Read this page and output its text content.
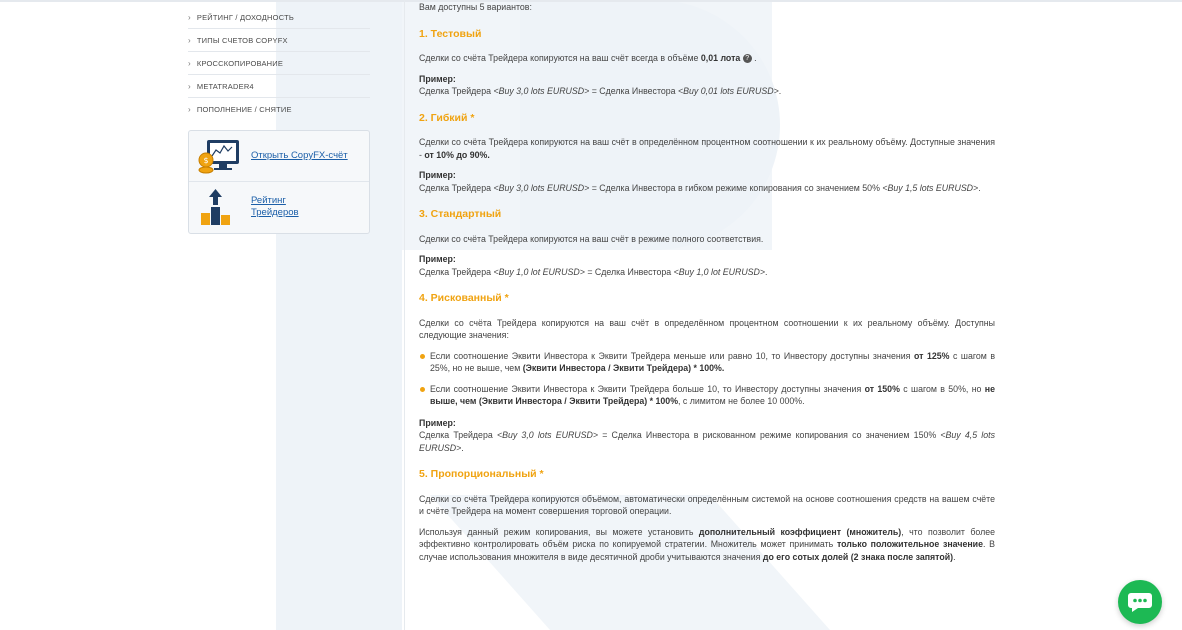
› РЕЙТИНГ / ДОХОДНОСТЬ
› ТИПЫ СЧЕТОВ COPYFX
› КРОССКОПИРОВАНИЕ
› METATRADER4
› ПОПОЛНЕНИЕ / СНЯТИЕ
$	Открыть CopyFX-счёт
Рейтинг
Трейдеров
Вам доступны 5 вариантов:
1. Тестовый

Сделки со счёта Трейдера копируются на ваш счёт всегда в объёме 0,01 лота ? .

Пример:
Сделка Трейдера <Buy 3,0 lots EURUSD> = Сделка Инвестора <Buy 0,01 lots EURUSD>.

2. Гибкий *

Сделки со счёта Трейдера копируются на ваш счёт в определённом процентном соотношении к их реальному объёму. Доступные значения - от 10% до 90%.

Пример:
Сделка Трейдера <Buy 3,0 lots EURUSD> = Сделка Инвестора в гибком режиме копирования со значением 50% <Buy 1,5 lots EURUSD>.

3. Стандартный

Сделки со счёта Трейдера копируются на ваш счёт в режиме полного соответствия.

Пример:
Сделка Трейдера <Buy 1,0 lot EURUSD> = Сделка Инвестора <Buy 1,0 lot EURUSD>.

4. Рискованный *

Сделки со счёта Трейдера копируются на ваш счёт в определённом процентном соотношении к их реальному объёму. Доступны следующие значения:

Если соотношение Эквити Инвестора к Эквити Трейдера меньше или равно 10, то Инвестору доступны значения от 125% с шагом в 25%, но не выше, чем (Эквити Инвестора / Эквити Трейдера) * 100%.
Если соотношение Эквити Инвестора к Эквити Трейдера больше 10, то Инвестору доступны значения от 150% с шагом в 50%, но не выше, чем (Эквити Инвестора / Эквити Трейдера) * 100%, с лимитом не более 10 000%.

Пример:
Сделка Трейдера <Buy 3,0 lots EURUSD> = Сделка Инвестора в рискованном режиме копирования со значением 150% <Buy 4,5 lots EURUSD>.

5. Пропорциональный *

Сделки со счёта Трейдера копируются объёмом, автоматически определённым системой на основе соотношения средств на вашем счёте и счёте Трейдера на момент совершения торговой операции.

Используя данный режим копирования, вы можете установить дополнительный коэффициент (множитель), что позволит более эффективно контролировать объём риска по копируемой стратегии. Множитель может принимать только положительное значение. В случае использования множителя в виде десятичной дроби учитываются значения до его сотых долей (2 знака после запятой).
